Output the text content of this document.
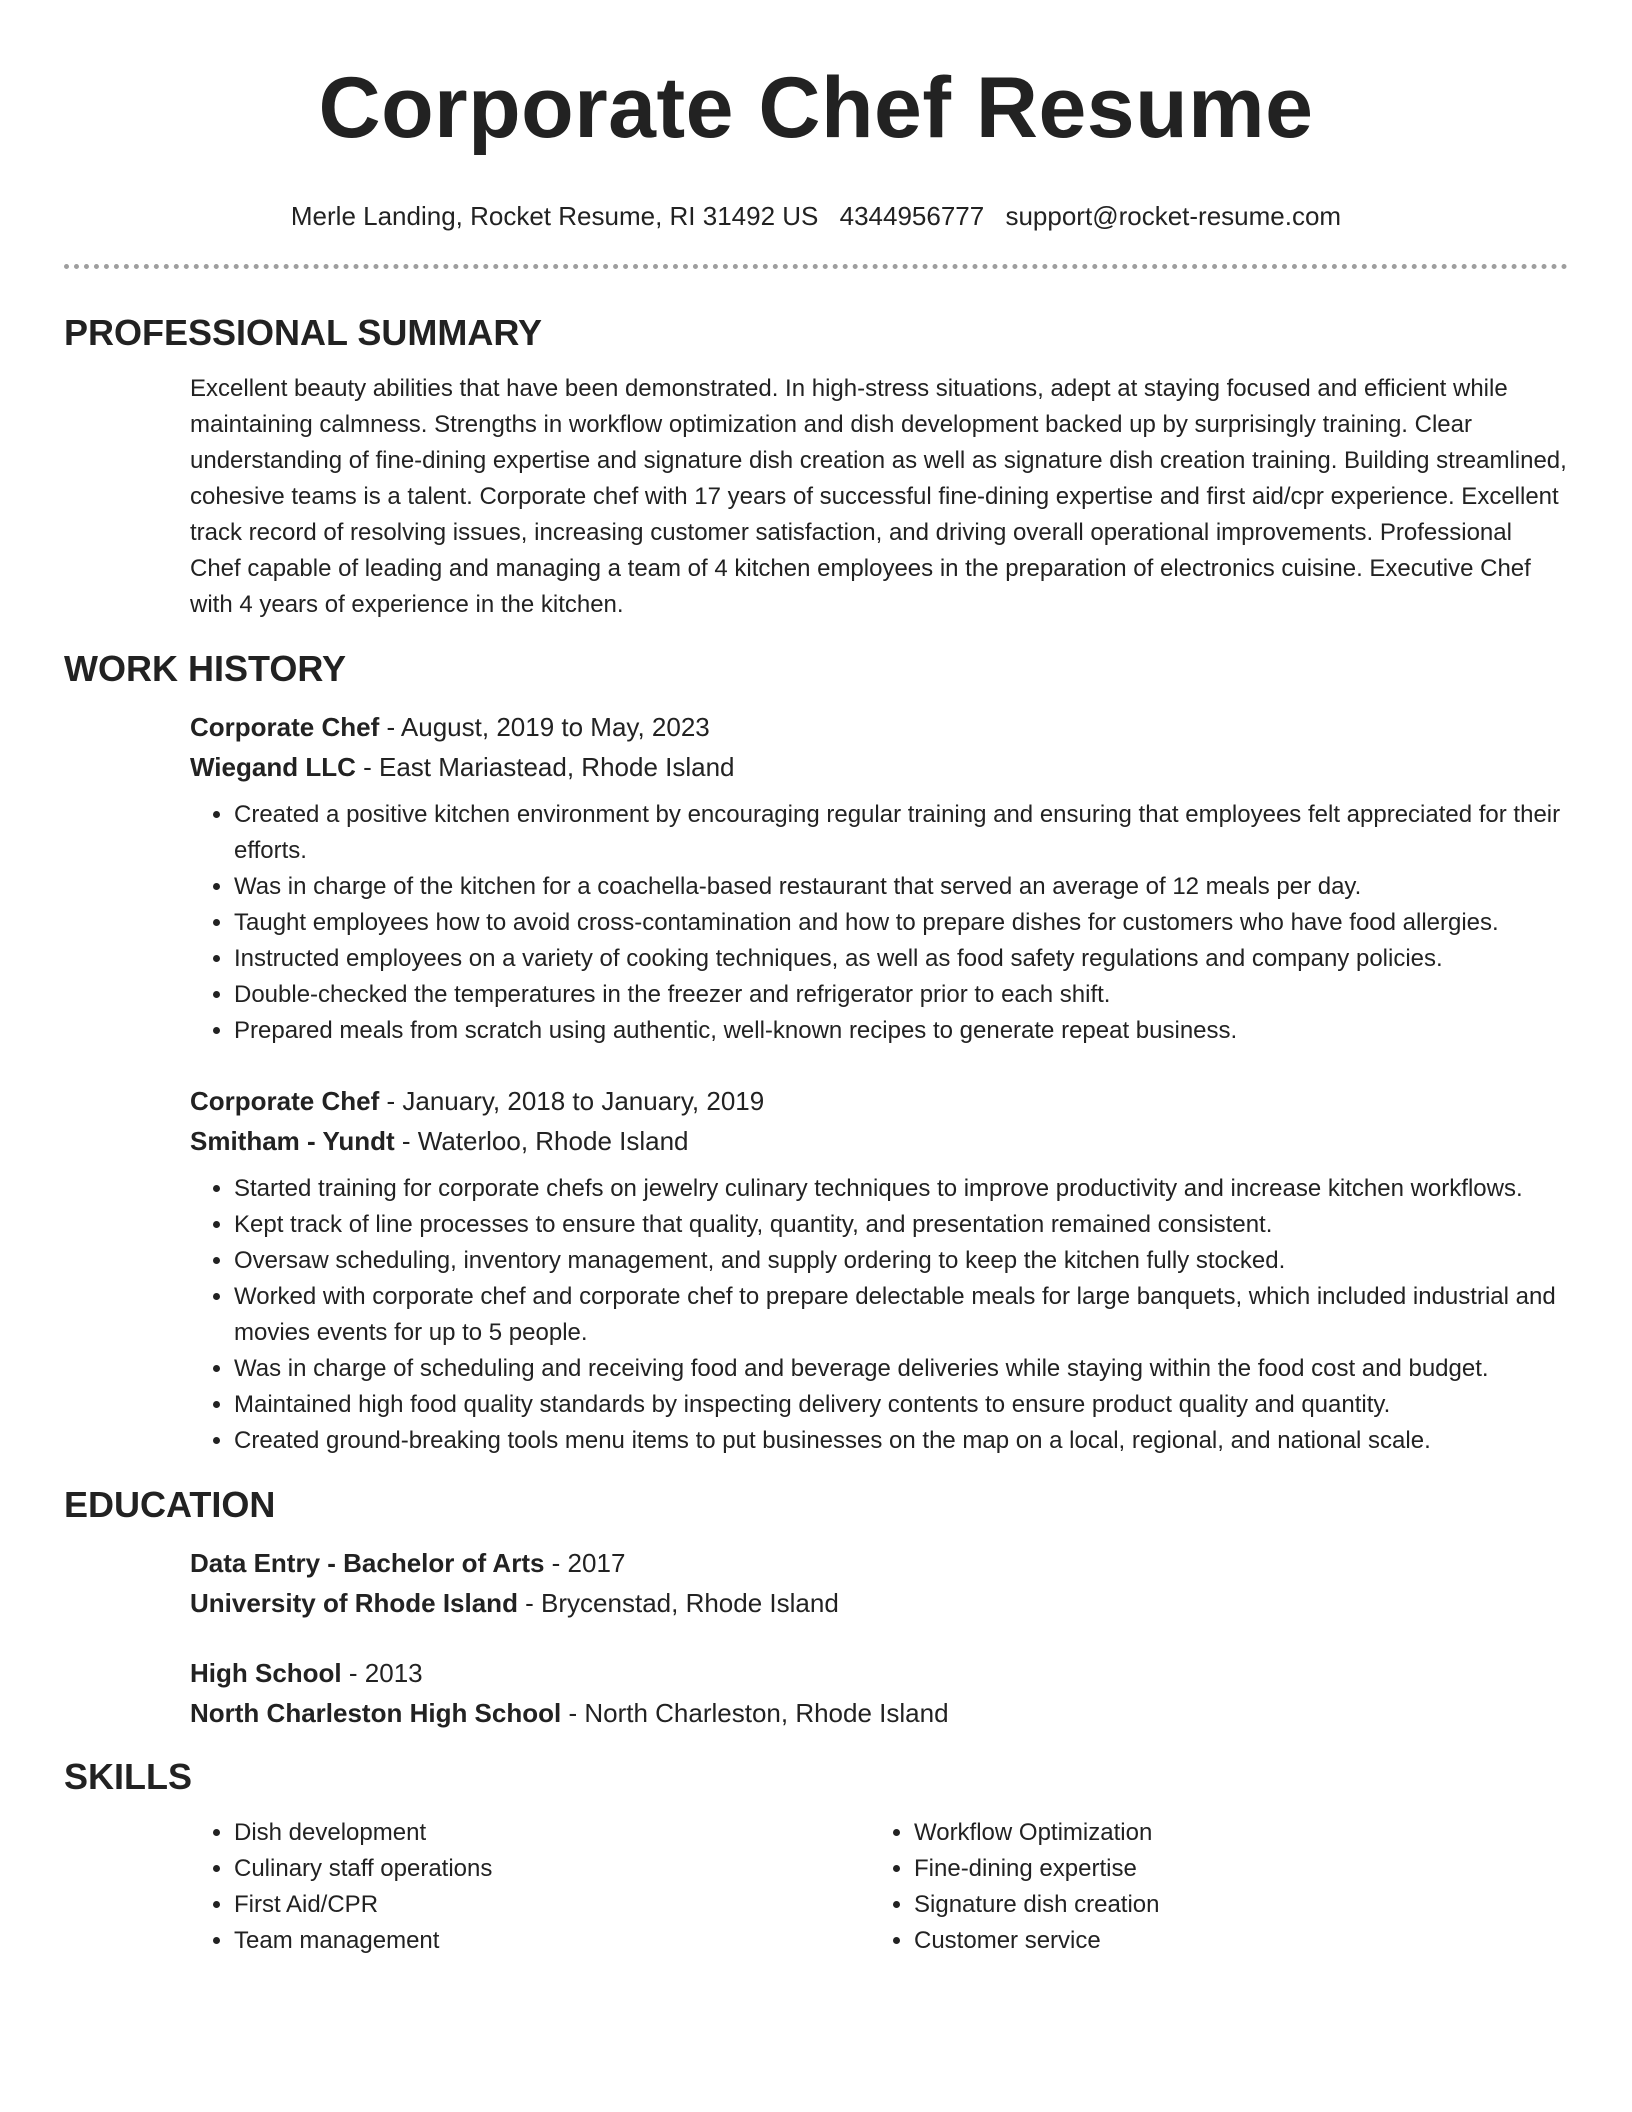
Corporate Chef Resume
Merle Landing, Rocket Resume, RI 31492 US 4344956777 support@rocket-resume.com
PROFESSIONAL SUMMARY

Excellent beauty abilities that have been demonstrated. In high-stress situations, adept at staying focused and efficient while maintaining calmness. Strengths in workflow optimization and dish development backed up by surprisingly training. Clear understanding of fine-dining expertise and signature dish creation as well as signature dish creation training. Building streamlined, cohesive teams is a talent. Corporate chef with 17 years of successful fine-dining expertise and first aid/cpr experience. Excellent track record of resolving issues, increasing customer satisfaction, and driving overall operational improvements. Professional Chef capable of leading and managing a team of 4 kitchen employees in the preparation of electronics cuisine. Executive Chef with 4 years of experience in the kitchen.

WORK HISTORY
Corporate Chef - August, 2019 to May, 2023
Wiegand LLC - East Mariastead, Rhode Island
• Created a positive kitchen environment by encouraging regular training and ensuring that employees felt appreciated for their efforts.
• Was in charge of the kitchen for a coachella-based restaurant that served an average of 12 meals per day.
• Taught employees how to avoid cross-contamination and how to prepare dishes for customers who have food allergies.
• Instructed employees on a variety of cooking techniques, as well as food safety regulations and company policies.
• Double-checked the temperatures in the freezer and refrigerator prior to each shift.
• Prepared meals from scratch using authentic, well-known recipes to generate repeat business.
Corporate Chef - January, 2018 to January, 2019
Smitham - Yundt - Waterloo, Rhode Island
• Started training for corporate chefs on jewelry culinary techniques to improve productivity and increase kitchen workflows.
• Kept track of line processes to ensure that quality, quantity, and presentation remained consistent.
• Oversaw scheduling, inventory management, and supply ordering to keep the kitchen fully stocked.
• Worked with corporate chef and corporate chef to prepare delectable meals for large banquets, which included industrial and movies events for up to 5 people.
• Was in charge of scheduling and receiving food and beverage deliveries while staying within the food cost and budget.
• Maintained high food quality standards by inspecting delivery contents to ensure product quality and quantity.
• Created ground-breaking tools menu items to put businesses on the map on a local, regional, and national scale.
EDUCATION
Data Entry - Bachelor of Arts - 2017
University of Rhode Island - Brycenstad, Rhode Island
High School - 2013
North Charleston High School - North Charleston, Rhode Island
SKILLS
• Dish development
• Culinary staff operations
• First Aid/CPR
• Team management
• Workflow Optimization
• Fine-dining expertise
• Signature dish creation
• Customer service
